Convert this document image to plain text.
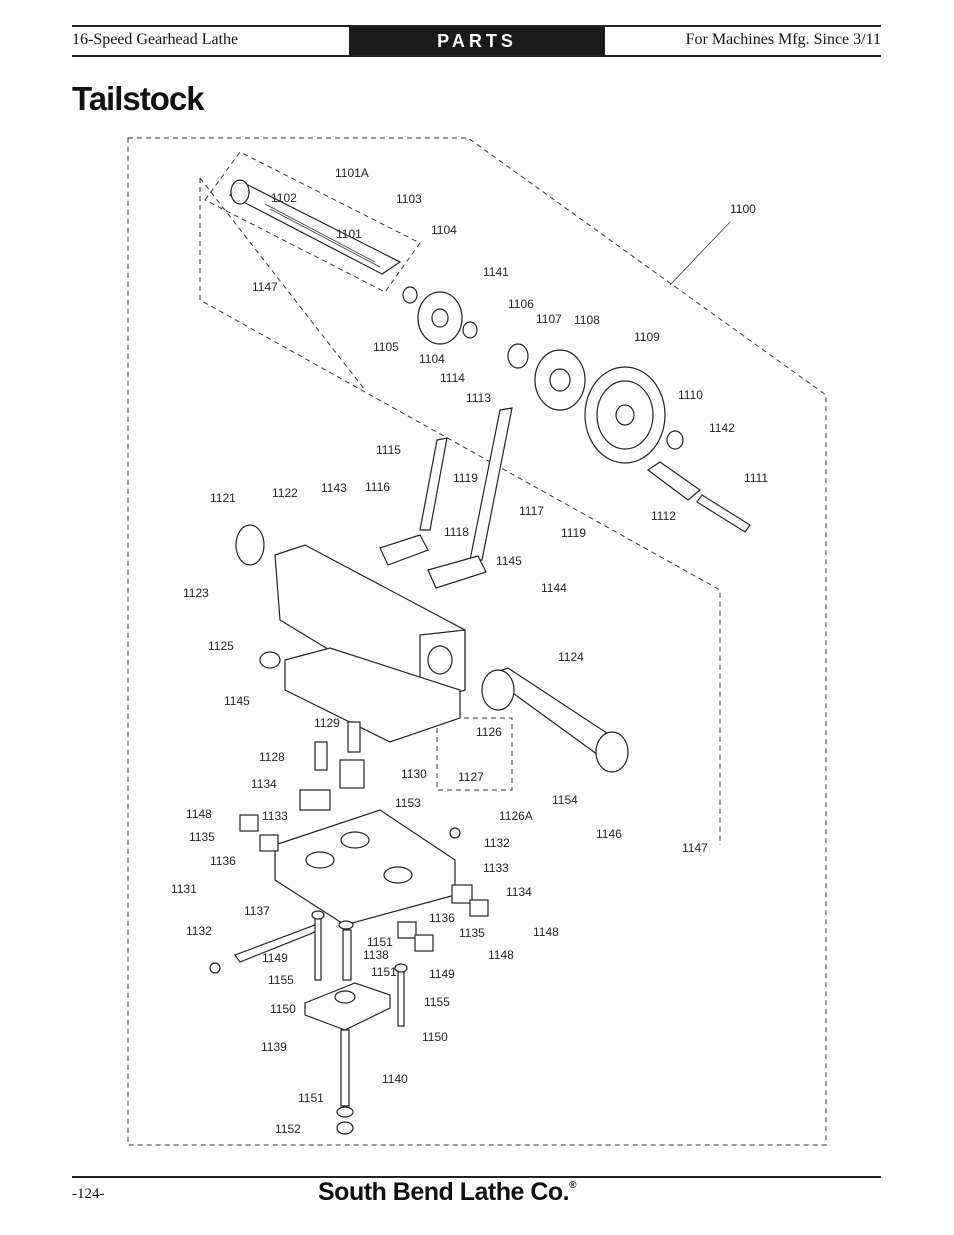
16-Speed Gearhead Lathe	PARTS	For Machines Mfg. Since 3/11
Tailstock
1101A
1102	1103
1100
1101	1104
1147
1141
1106
1107 1108
1109
1105
1104
1114
1113	1110
1142
1115
1119	1111
1121	1122 1143 1116
1117	1112
1118	1119
1145
1123	1144
1124
1125
1145
1129
1126
1128
1130	1127
1134
1153	1154
1148	1133	1126A
1146
1135	1132	1147
1136	1133
1131	1134
1137	1136
1148
1132
1151
1135
1149	1138	1148
1155
1151	1149
1150	1155
1150
1139
1140
1151
1152
-124-	South Bend Lathe Co.®
